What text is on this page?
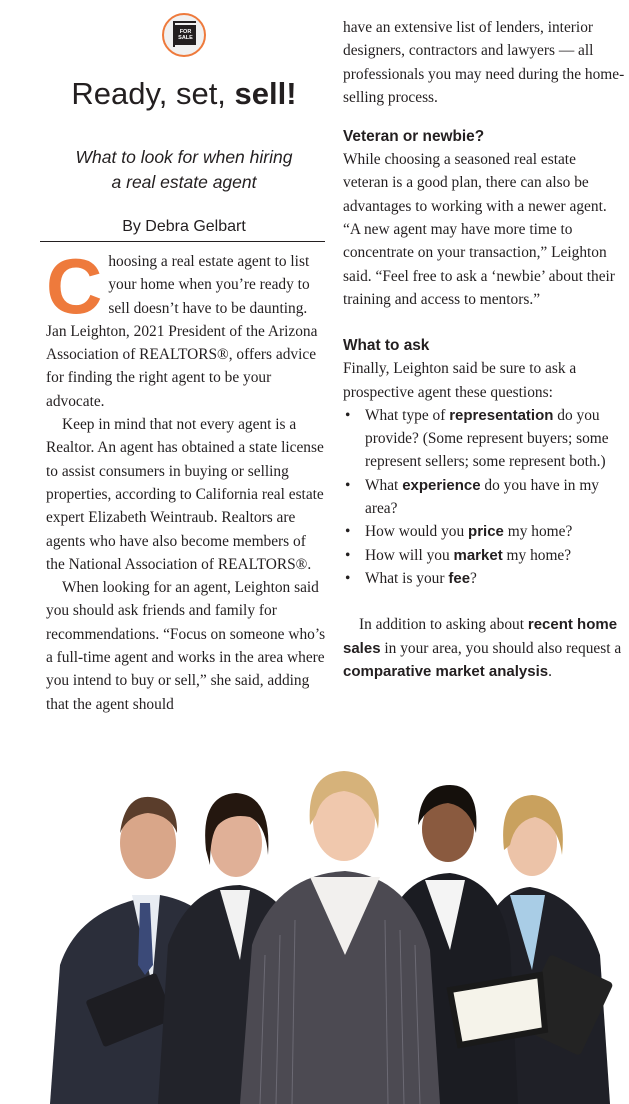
FOR
SALE
Ready, set, sell!
What to look for when hiring
a real estate agent
By Debra Gelbart

Choosing a real estate agent to list your home when you’re ready to sell doesn’t have to be daunting. Jan Leighton, 2021 President of the Arizona Association of REALTORS®, offers advice for finding the right agent to be your advocate.

Keep in mind that not every agent is a Realtor. An agent has obtained a state license to assist consumers in buying or selling properties, according to California real estate expert Elizabeth Weintraub. Realtors are agents who have also become members of the National Association of REALTORS®.

When looking for an agent, Leighton said you should ask friends and family for recommendations. “Focus on someone who’s a full-time agent and works in the area where you intend to buy or sell,” she said, adding that the agent should

have an extensive list of lenders, interior designers, contractors and lawyers — all professionals you may need during the home-selling process.

Veteran or newbie?

While choosing a seasoned real estate veteran is a good plan, there can also be advantages to working with a newer agent. “A new agent may have more time to concentrate on your transaction,” Leighton said. “Feel free to ask a ‘newbie’ about their training and access to mentors.”

What to ask

Finally, Leighton said be sure to ask a prospective agent these questions:

• What type of representation do you provide? (Some represent buyers; some represent sellers; some represent both.)
• What experience do you have in my area?
• How would you price my home?
• How will you market my home?
• What is your fee?

In addition to asking about recent home sales in your area, you should also request a comparative market analysis.
